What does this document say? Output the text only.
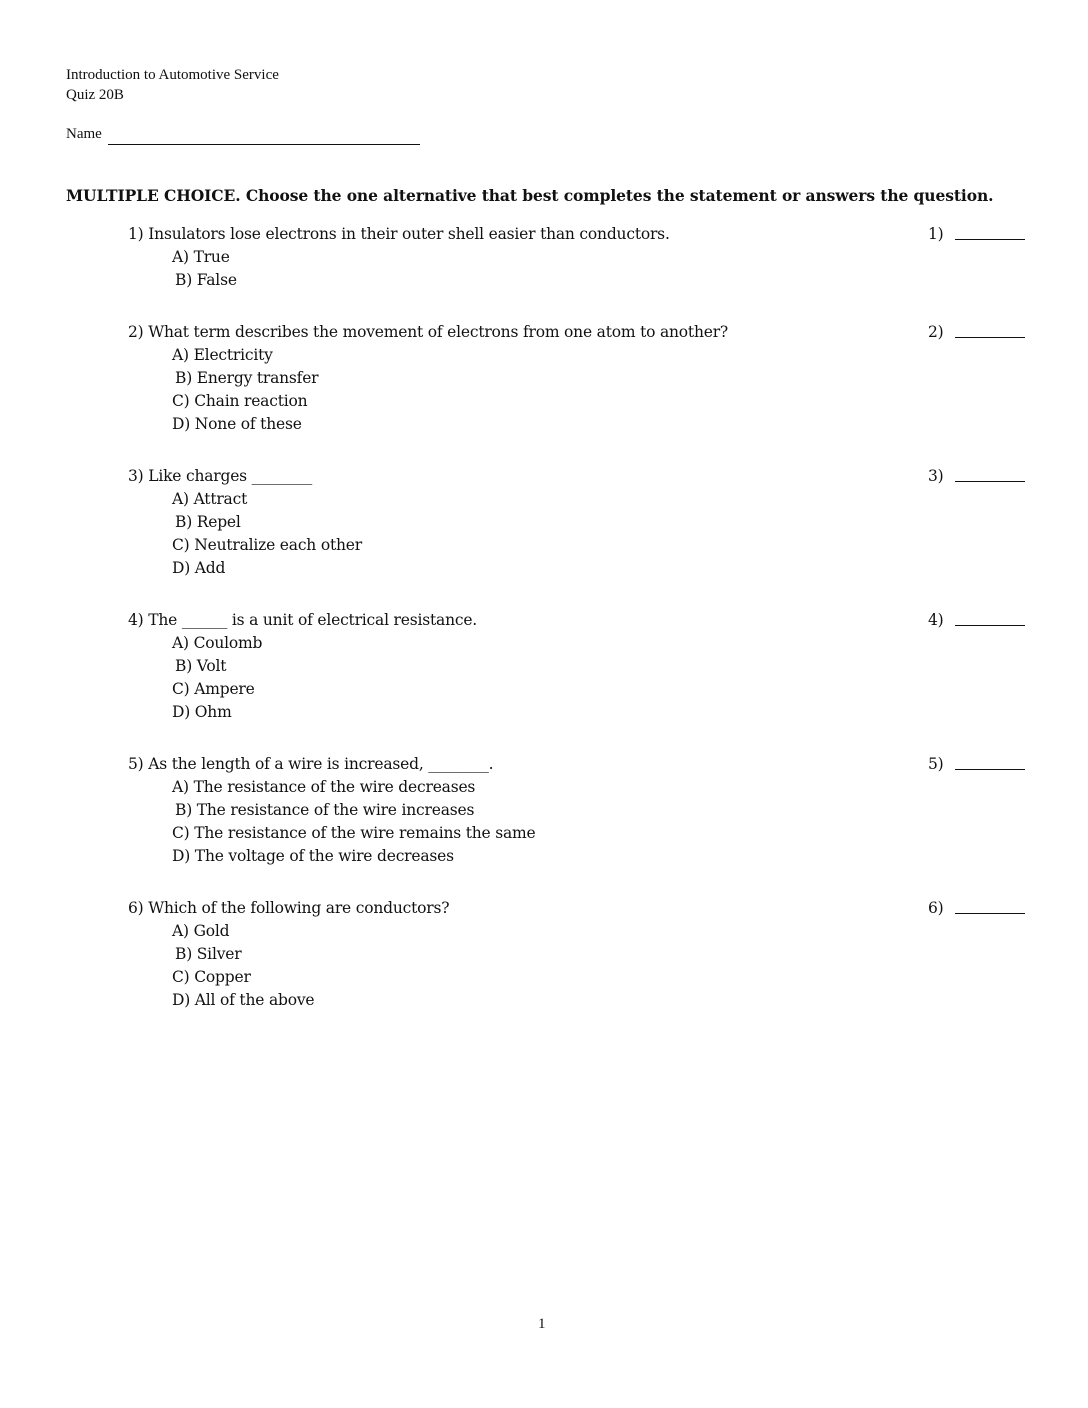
Introduction to Automotive Service
Quiz 20B
Name
MULTIPLE CHOICE. Choose the one alternative that best completes the statement or answers the question.
1) Insulators lose electrons in their outer shell easier than conductors.	1)
A) True
B) False
2) What term describes the movement of electrons from one atom to another?	2)
A) Electricity
B) Energy transfer
C) Chain reaction
D) None of these
3) Like charges ________	3)
A) Attract
B) Repel
C) Neutralize each other
D) Add
4) The ______ is a unit of electrical resistance.	4)
A) Coulomb
B) Volt
C) Ampere
D) Ohm
5) As the length of a wire is increased, ________.	5)
A) The resistance of the wire decreases
B) The resistance of the wire increases
C) The resistance of the wire remains the same
D) The voltage of the wire decreases
6) Which of the following are conductors?	6)
A) Gold
B) Silver
C) Copper
D) All of the above
1
